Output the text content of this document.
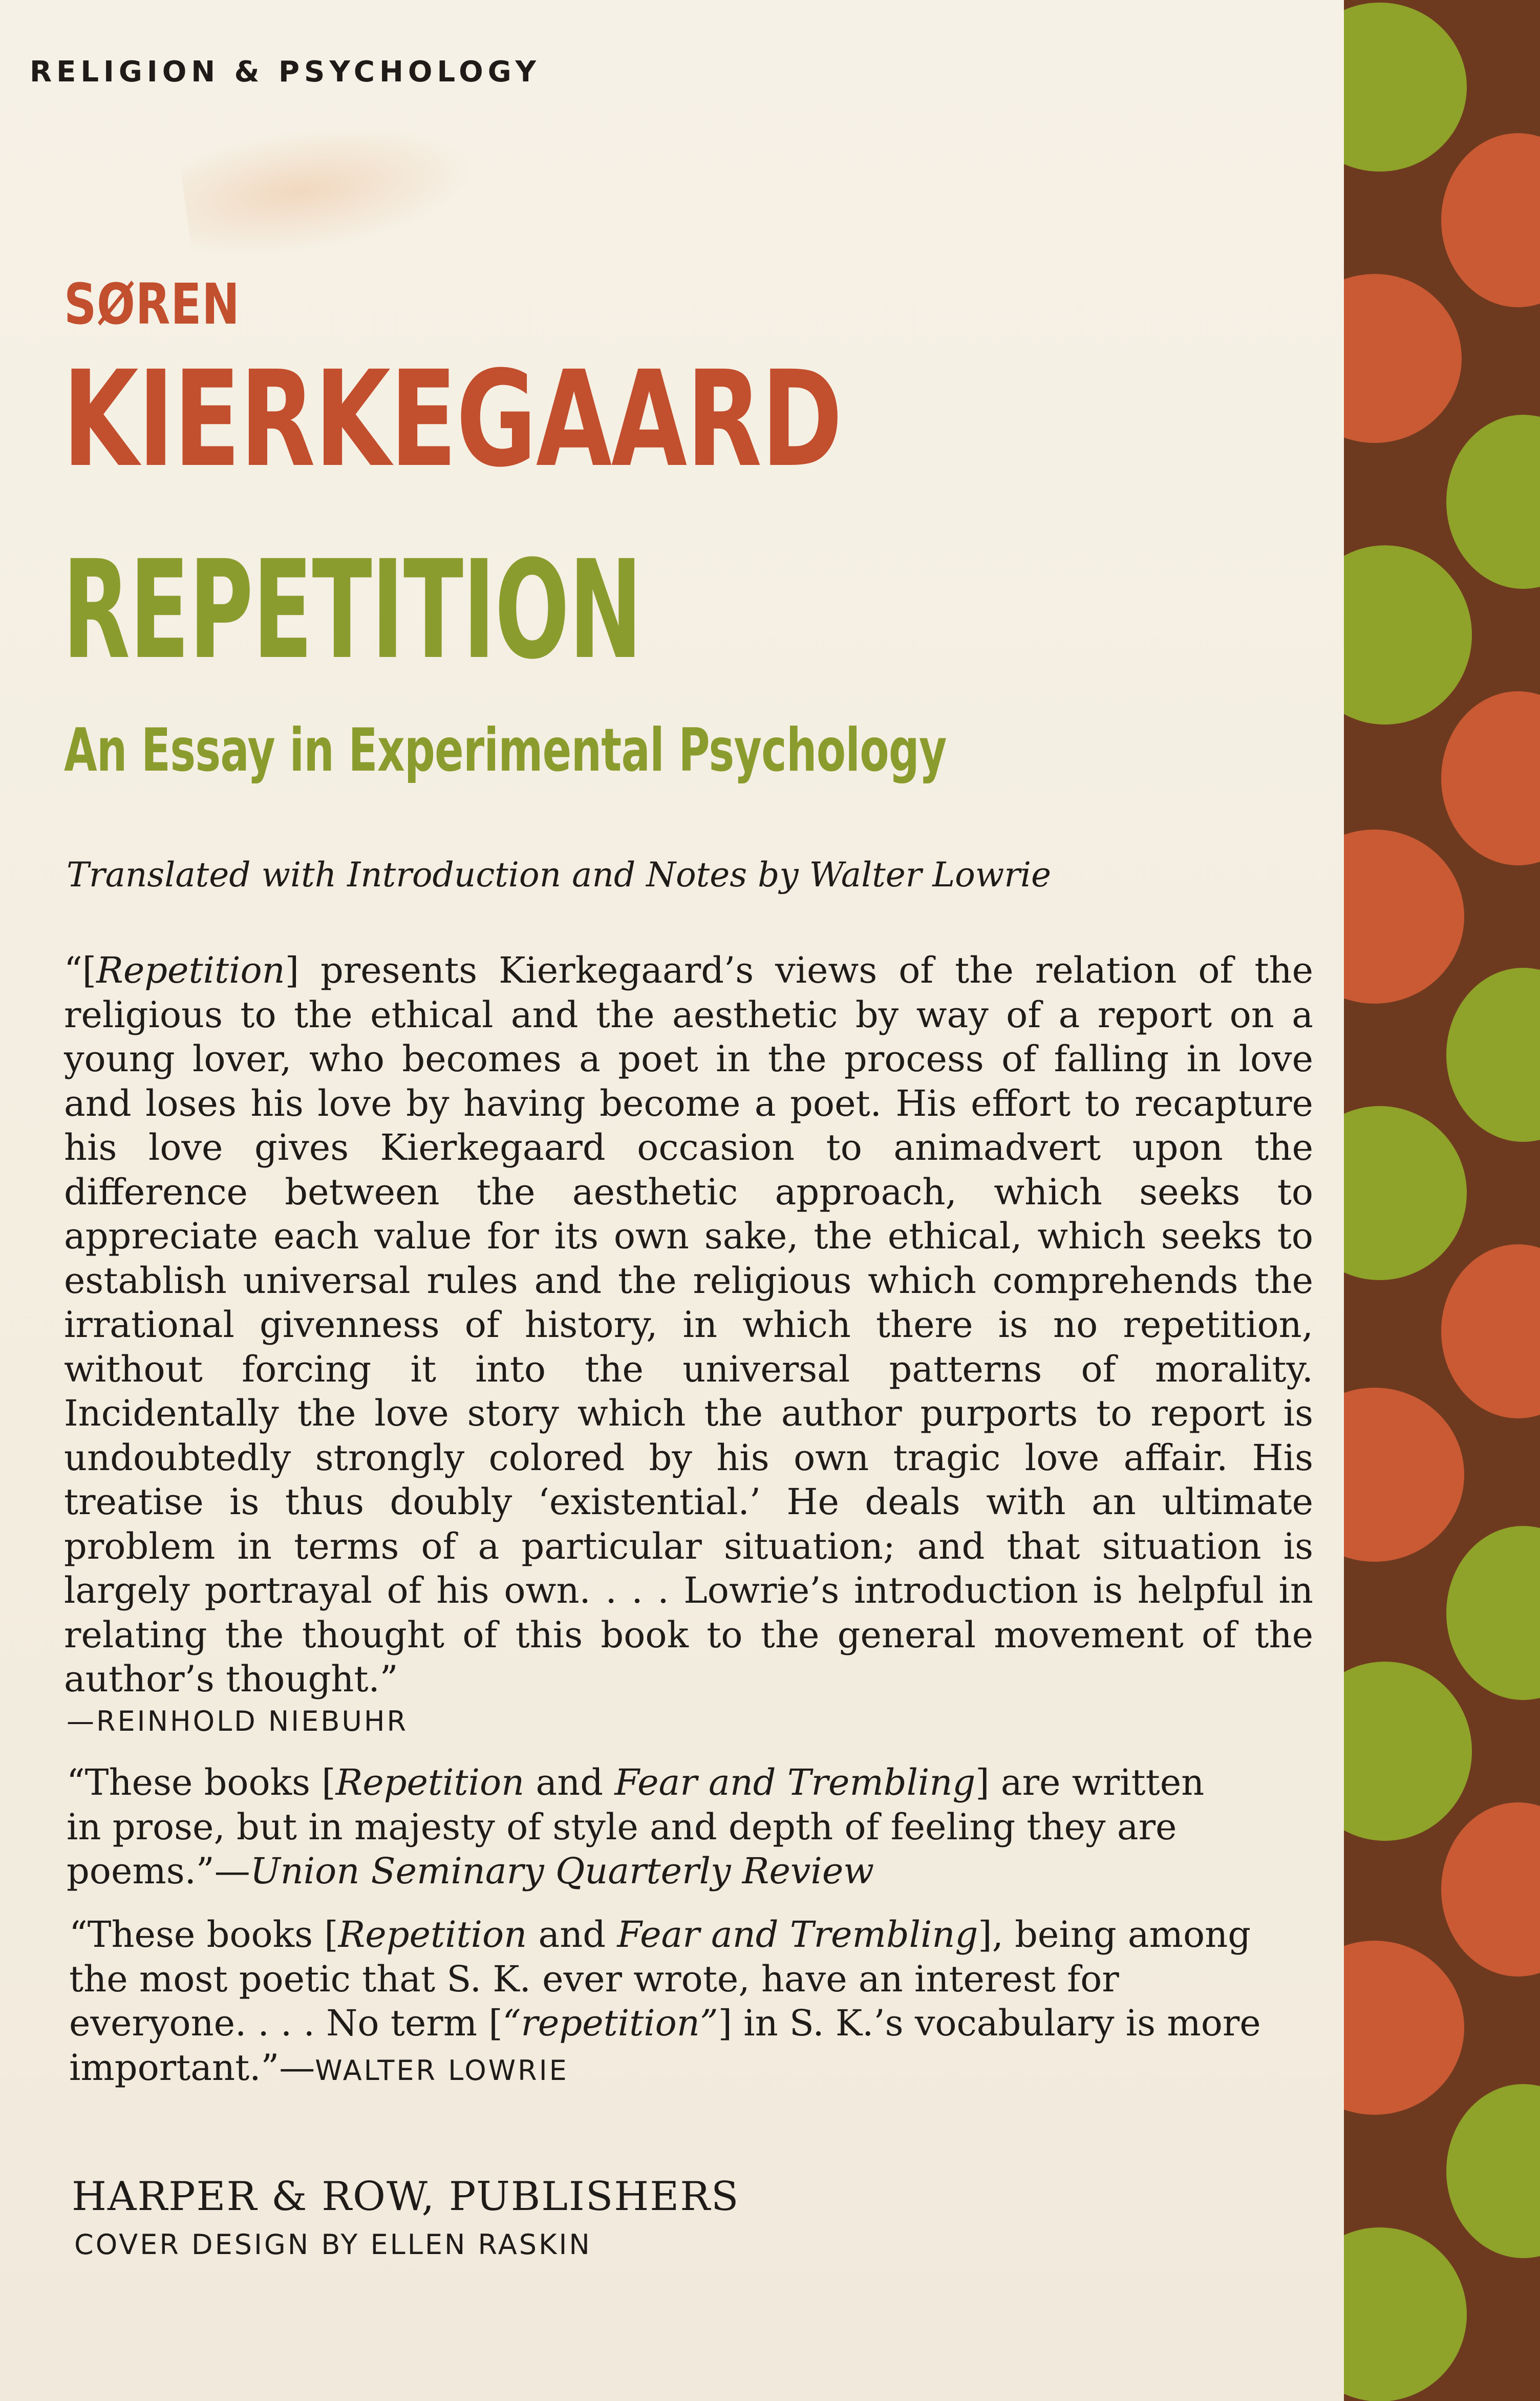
RELIGION & PSYCHOLOGY

SØREN
KIERKEGAARD
REPETITION
An Essay in Experimental Psychology

Translated with Introduction and Notes by Walter Lowrie

“[Repetition] presents Kierkegaard’s views of the relation of the religious to the ethical and the aesthetic by way of a report on a young lover, who becomes a poet in the process of falling in love and loses his love by having become a poet. His effort to recapture his love gives Kierkegaard occasion to animadvert upon the difference between the aesthetic approach, which seeks to appreciate each value for its own sake, the ethical, which seeks to establish universal rules and the religious which comprehends the irrational givenness of history, in which there is no repetition, without forcing it into the universal patterns of morality. Incidentally the love story which the author purports to report is undoubtedly strongly colored by his own tragic love affair. His treatise is thus doubly ‘existential.’ He deals with an ultimate problem in terms of a particular situation; and that situation is largely portrayal of his own. . . . Lowrie’s introduction is helpful in relating the thought of this book to the general movement of the author’s thought.”

—REINHOLD NIEBUHR

“These books [Repetition and Fear and Trembling] are written in prose, but in majesty of style and depth of feeling they are poems.”—Union Seminary Quarterly Review

“These books [Repetition and Fear and Trembling], being among the most poetic that S. K. ever wrote, have an interest for everyone. . . . No term [“repetition”] in S. K.’s vocabulary is more important.”—WALTER LOWRIE

HARPER & ROW, PUBLISHERS

COVER DESIGN BY ELLEN RASKIN
